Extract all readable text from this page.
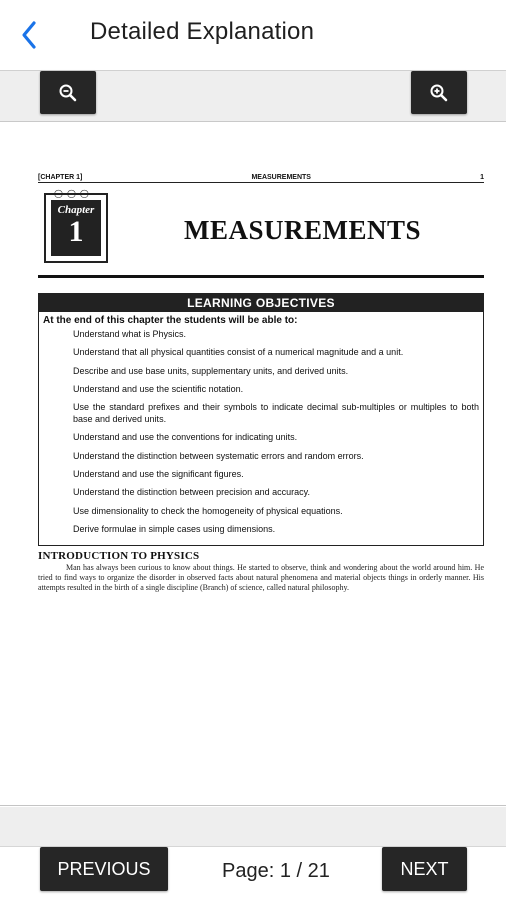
Detailed Explanation
[CHAPTER 1]	MEASUREMENTS	1
◯◯◯
Chapter
1	MEASUREMENTS
LEARNING OBJECTIVES
At the end of this chapter the students will be able to:
Understand what is Physics.
Understand that all physical quantities consist of a numerical magnitude and a unit.
Describe and use base units, supplementary units, and derived units.
Understand and use the scientific notation.
Use the standard prefixes and their symbols to indicate decimal sub-multiples or multiples to both base and derived units.
Understand and use the conventions for indicating units.
Understand the distinction between systematic errors and random errors.
Understand and use the significant figures.
Understand the distinction between precision and accuracy.
Use dimensionality to check the homogeneity of physical equations.
Derive formulae in simple cases using dimensions.
INTRODUCTION TO PHYSICS

Man has always been curious to know about things. He started to observe, think and wondering about the world around him. He tried to find ways to organize the disorder in observed facts about natural phenomena and material objects things in orderly manner. His attempts resulted in the birth of a single discipline (Branch) of science, called natural philosophy.

PREVIOUS	Page: 1 / 21	NEXT
